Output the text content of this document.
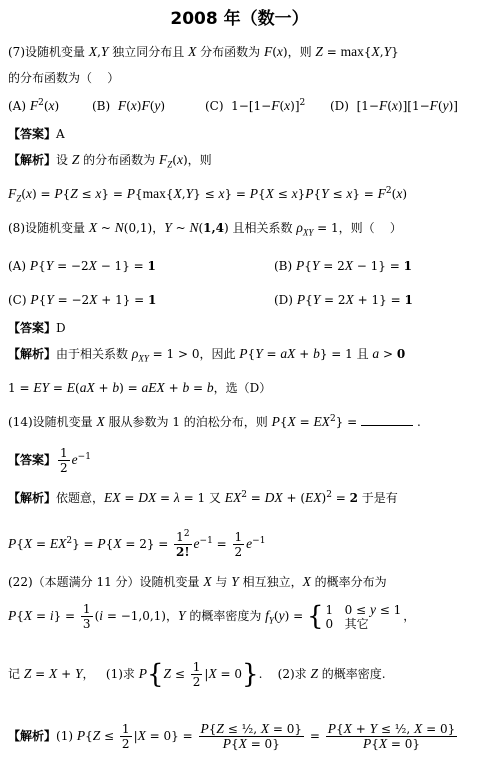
2008 年（数一）
(7)设随机变量 X,Y 独立同分布且 X 分布函数为 F(x)，则 Z = max{X,Y}
的分布函数为（    ）
(A) $F^2(x)$	(B)  F(x)F(y)	(C)  $1-[1-F(x)]^2$ (D)  [1−F(x)][1−F(y)]
【答案】A
【解析】设 Z 的分布函数为 $F_Z(x)$，则
$F_Z(x) = P\{Z \le x\} = P\{\max\{X,Y\} \le x\} = P\{X \le x\}P\{Y \le x\} = F^2(x)$
(8)设随机变量 X ~ N(0,1)，Y ~ N(1,4) 且相关系数 $\rho_{XY} = 1$，则（    ）
(A) P{Y = −2X − 1} = 1	(B) P{Y = 2X − 1} = 1
(C) P{Y = −2X + 1} = 1	(D) P{Y = 2X + 1} = 1
【答案】D
【解析】由于相关系数 $\rho_{XY} = 1 > 0$，因此 P{Y = aX + b} = 1 且 a > 0
1 = EY = E(aX + b) = aEX + b = b，选（D）
(14)设随机变量 X 服从参数为 1 的泊松分布，则 $P\{X = EX^2\}$ =	.
【答案】 $\frac{1}{2} e^{-1}$
【解析】依题意，EX = DX = λ = 1 又 $EX^2$ = DX + (EX)$^2$ = 2 于是有
$P\{X = EX^2\} = P\{X = 2\} = \frac{1^2}{2!} e^{-1} = \frac{1}{2} e^{-1}$
(22)（本题满分 11 分）设随机变量 X 与 Y 相互独立，X 的概率分布为
$P\{X = i\} = \frac{1}{3} (i = -1,0,1)$，Y 的概率密度为 $f_Y(y)$ = { 1   0 ≤ y ≤ 1
0   其它
，
记 Z = X + Y，   (1)求 $P\{Z \le \frac{1}{2} |X = 0\}$.    (2)求 Z 的概率密度.
【解析】(1) $P\{Z \le \frac{1}{2} |X = 0\} = \frac{\text{P\{Z ≤ ½, X = 0\}}}{P\{X = 0\}} = \frac{\text{P\{X + Y ≤ ½, X = 0\}}}{P\{X = 0\}}$
